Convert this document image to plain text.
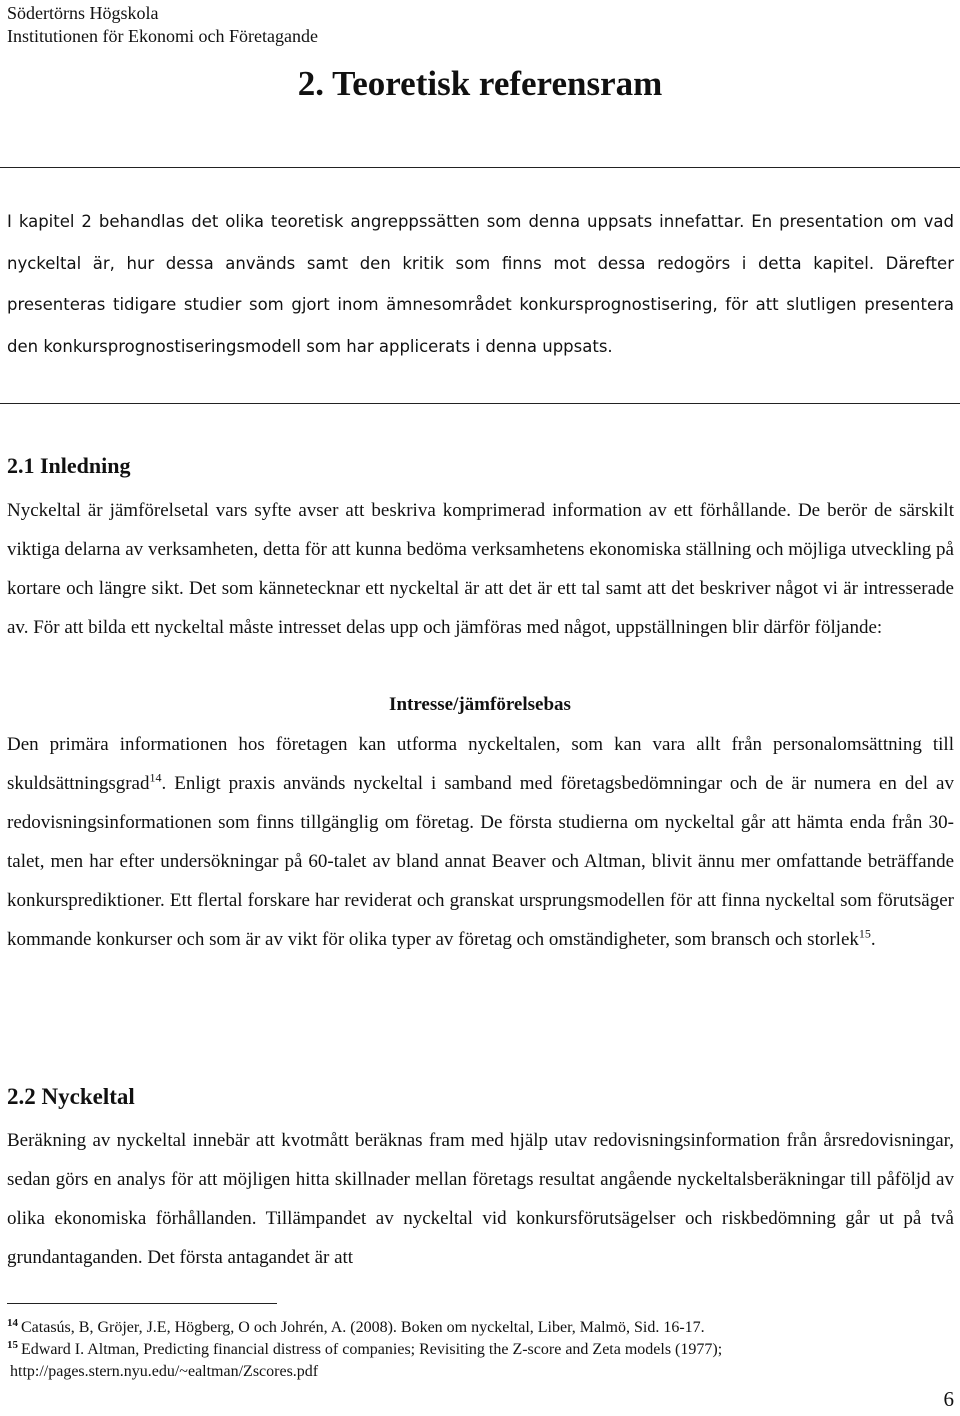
Södertörns Högskola
Institutionen för Ekonomi och Företagande
2. Teoretisk referensram

I kapitel 2 behandlas det olika teoretisk angreppssätten som denna uppsats innefattar. En presentation om vad nyckeltal är, hur dessa används samt den kritik som finns mot dessa redogörs i detta kapitel. Därefter presenteras tidigare studier som gjort inom ämnesområdet konkursprognostisering, för att slutligen presentera den konkursprognostiseringsmodell som har applicerats i denna uppsats.

2.1 Inledning

Nyckeltal är jämförelsetal vars syfte avser att beskriva komprimerad information av ett förhållande. De berör de särskilt viktiga delarna av verksamheten, detta för att kunna bedöma verksamhetens ekonomiska ställning och möjliga utveckling på kortare och längre sikt. Det som kännetecknar ett nyckeltal är att det är ett tal samt att det beskriver något vi är intresserade av. För att bilda ett nyckeltal måste intresset delas upp och jämföras med något, uppställningen blir därför följande:

Intresse/jämförelsebas

Den primära informationen hos företagen kan utforma nyckeltalen, som kan vara allt från personalomsättning till skuldsättningsgrad$^{14}$. Enligt praxis används nyckeltal i samband med företagsbedömningar och de är numera en del av redovisningsinformationen som finns tillgänglig om företag. De första studierna om nyckeltal går att hämta enda från 30-talet, men har efter undersökningar på 60-talet av bland annat Beaver och Altman, blivit ännu mer omfattande beträffande konkursprediktioner. Ett flertal forskare har reviderat och granskat ursprungsmodellen för att finna nyckeltal som förutsäger kommande konkurser och som är av vikt för olika typer av företag och omständigheter, som bransch och storlek$^{15}$.

2.2 Nyckeltal

Beräkning av nyckeltal innebär att kvotmått beräknas fram med hjälp utav redovisningsinformation från årsredovisningar, sedan görs en analys för att möjligen hitta skillnader mellan företags resultat angående nyckeltalsberäkningar till påföljd av olika ekonomiska förhållanden. Tillämpandet av nyckeltal vid konkursförutsägelser och riskbedömning går ut på två grundantaganden. Det första antagandet är att

$^{14}$ Catasús, B, Gröjer, J.E, Högberg, O och Johrén, A. (2008). Boken om nyckeltal, Liber, Malmö, Sid. 16-17.

$^{15}$ Edward I. Altman, Predicting financial distress of companies; Revisiting the Z-score and Zeta models (1977);

http://pages.stern.nyu.edu/~ealtman/Zscores.pdf

6
